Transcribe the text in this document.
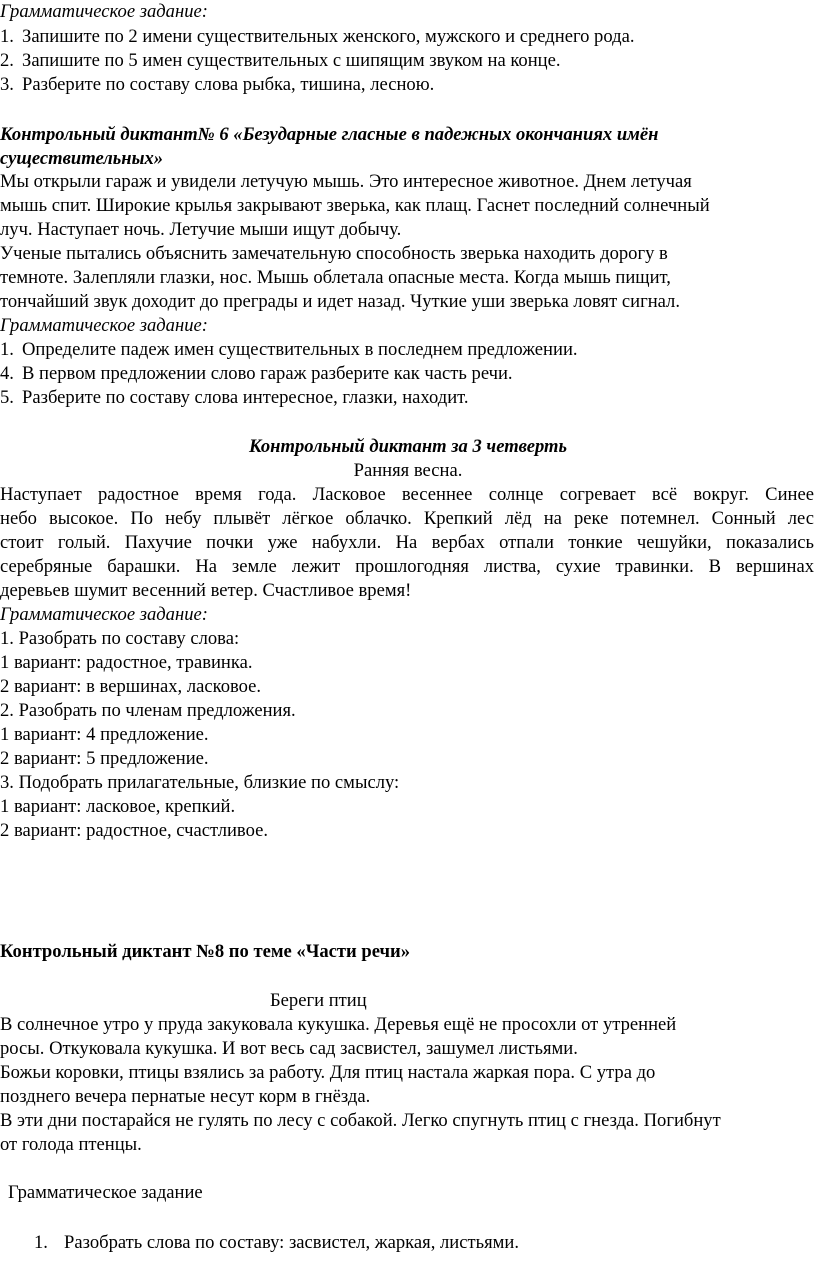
Грамматическое задание:
1. Запишите по 2 имени существительных женского, мужского и среднего рода.
2. Запишите по 5 имен существительных с шипящим звуком на конце.
3. Разберите по составу слова рыбка, тишина, лесною.
Контрольный диктант№ 6 «Безударные гласные в падежных окончаниях имён
существительных»
Мы открыли гараж и увидели летучую мышь. Это интересное животное. Днем летучая
мышь спит. Широкие крылья закрывают зверька, как плащ. Гаснет последний солнечный
луч. Наступает ночь. Летучие мыши ищут добычу.
Ученые пытались объяснить замечательную способность зверька находить дорогу в
темноте. Залепляли глазки, нос. Мышь облетала опасные места. Когда мышь пищит,
тончайший звук доходит до преграды и идет назад. Чуткие уши зверька ловят сигнал.
Грамматическое задание:
1. Определите падеж имен существительных в последнем предложении.
4. В первом предложении слово гараж разберите как часть речи.
5. Разберите по составу слова интересное, глазки, находит.
Контрольный диктант за 3 четверть
Ранняя весна.
Наступает радостное время года. Ласковое весеннее солнце согревает всё вокруг. Синее
небо высокое. По небу плывёт лёгкое облачко. Крепкий лёд на реке потемнел. Сонный лес
стоит голый. Пахучие почки уже набухли. На вербах отпали тонкие чешуйки, показались
серебряные барашки. На земле лежит прошлогодняя листва, сухие травинки. В вершинах
деревьев шумит весенний ветер. Счастливое время!
Грамматическое задание:
1. Разобрать по составу слова:
1 вариант: радостное, травинка.
2 вариант: в вершинах, ласковое.
2. Разобрать по членам предложения.
1 вариант: 4 предложение.
2 вариант: 5 предложение.
3. Подобрать прилагательные, близкие по смыслу:
1 вариант: ласковое, крепкий.
2 вариант: радостное, счастливое.
Контрольный диктант №8 по теме «Части речи»
Береги птиц
В солнечное утро у пруда закуковала кукушка. Деревья ещё не просохли от утренней
росы. Откуковала кукушка. И вот весь сад засвистел, зашумел листьями.
Божьи коровки, птицы взялись за работу. Для птиц настала жаркая пора. С утра до
позднего вечера пернатые несут корм в гнёзда.
В эти дни постарайся не гулять по лесу с собакой. Легко спугнуть птиц с гнезда. Погибнут
от голода птенцы.
Грамматическое задание
1. Разобрать слова по составу: засвистел, жаркая, листьями.
